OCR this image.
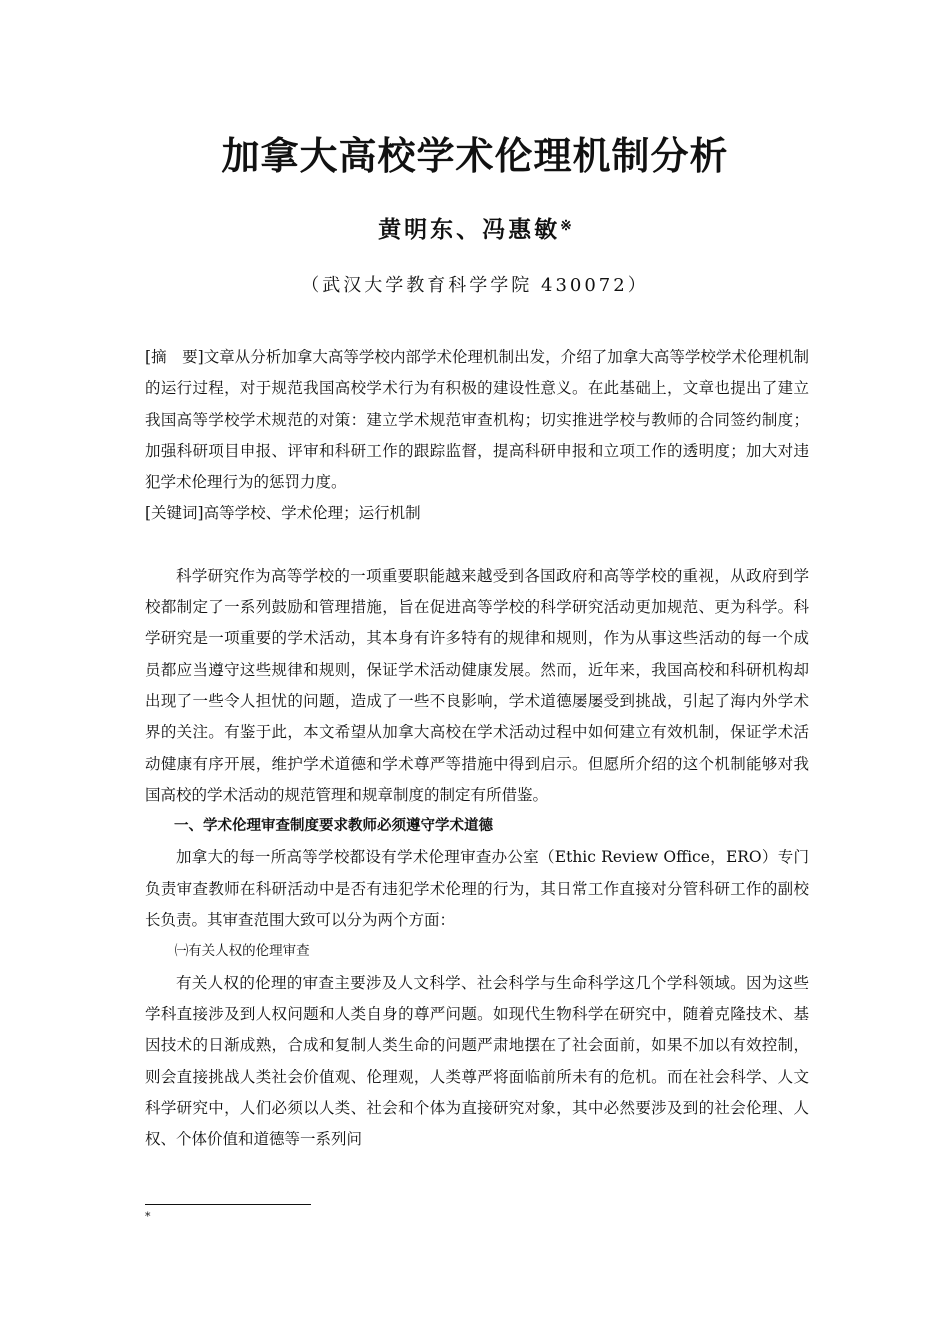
加拿大高校学术伦理机制分析
黄明东、冯惠敏※
（武汉大学教育科学学院 430072）

[摘　要]文章从分析加拿大高等学校内部学术伦理机制出发，介绍了加拿大高等学校学术伦理机制的运行过程，对于规范我国高校学术行为有积极的建设性意义。在此基础上，文章也提出了建立我国高等学校学术规范的对策：建立学术规范审查机构；切实推进学校与教师的合同签约制度；加强科研项目申报、评审和科研工作的跟踪监督，提高科研申报和立项工作的透明度；加大对违犯学术伦理行为的惩罚力度。

[关键词]高等学校、学术伦理；运行机制

科学研究作为高等学校的一项重要职能越来越受到各国政府和高等学校的重视，从政府到学校都制定了一系列鼓励和管理措施，旨在促进高等学校的科学研究活动更加规范、更为科学。科学研究是一项重要的学术活动，其本身有许多特有的规律和规则，作为从事这些活动的每一个成员都应当遵守这些规律和规则，保证学术活动健康发展。然而，近年来，我国高校和科研机构却出现了一些令人担忧的问题，造成了一些不良影响，学术道德屡屡受到挑战，引起了海内外学术界的关注。有鉴于此，本文希望从加拿大高校在学术活动过程中如何建立有效机制，保证学术活动健康有序开展，维护学术道德和学术尊严等措施中得到启示。但愿所介绍的这个机制能够对我国高校的学术活动的规范管理和规章制度的制定有所借鉴。

一、学术伦理审查制度要求教师必须遵守学术道德

加拿大的每一所高等学校都设有学术伦理审查办公室（Ethic Review Office，ERO）专门负责审查教师在科研活动中是否有违犯学术伦理的行为，其日常工作直接对分管科研工作的副校长负责。其审查范围大致可以分为两个方面：

㈠有关人权的伦理审查

有关人权的伦理的审查主要涉及人文科学、社会科学与生命科学这几个学科领域。因为这些学科直接涉及到人权问题和人类自身的尊严问题。如现代生物科学在研究中，随着克隆技术、基因技术的日渐成熟，合成和复制人类生命的问题严肃地摆在了社会面前，如果不加以有效控制，则会直接挑战人类社会价值观、伦理观，人类尊严将面临前所未有的危机。而在社会科学、人文科学研究中，人们必须以人类、社会和个体为直接研究对象，其中必然要涉及到的社会伦理、人权、个体价值和道德等一系列问

*
